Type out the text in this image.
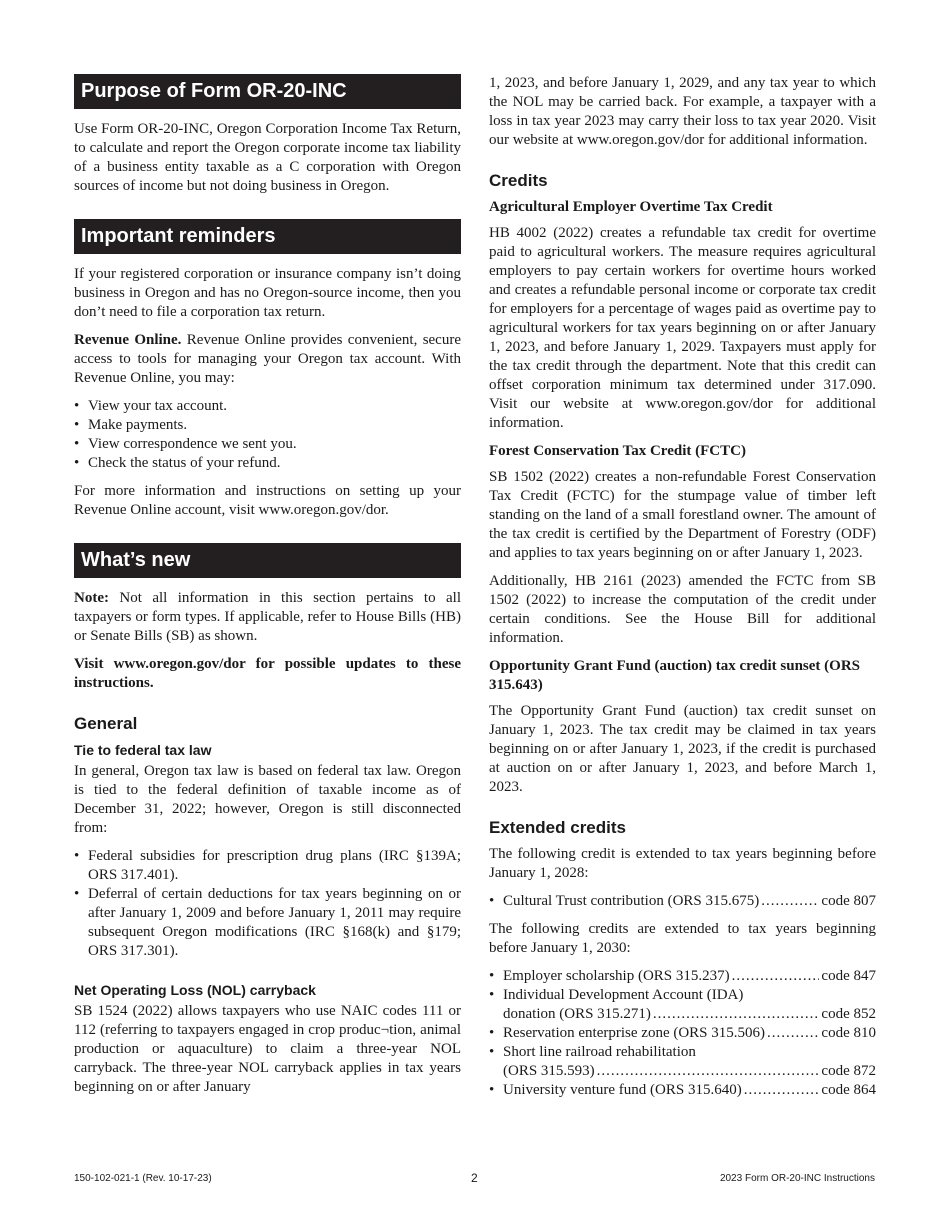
Purpose of Form OR-20-INC

Use Form OR-20-INC, Oregon Corporation Income Tax Return, to calculate and report the Oregon corporate income tax liability of a business entity taxable as a C corporation with Oregon sources of income but not doing business in Oregon.

Important reminders

If your registered corporation or insurance company isn’t doing business in Oregon and has no Oregon-source income, then you don’t need to file a corporation tax return.

Revenue Online. Revenue Online provides convenient, secure access to tools for managing your Oregon tax account. With Revenue Online, you may:

• View your tax account.
• Make payments.
• View correspondence we sent you.
• Check the status of your refund.

For more information and instructions on setting up your Revenue Online account, visit www.oregon.gov/dor.

What’s new

Note: Not all information in this section pertains to all taxpayers or form types. If applicable, refer to House Bills (HB) or Senate Bills (SB) as shown.

Visit www.oregon.gov/dor for possible updates to these instructions.

General
Tie to federal tax law

In general, Oregon tax law is based on federal tax law. Oregon is tied to the federal definition of taxable income as of December 31, 2022; however, Oregon is still disconnected from:

• Federal subsidies for prescription drug plans (IRC §139A; ORS 317.401).
• Deferral of certain deductions for tax years beginning on or after January 1, 2009 and before January 1, 2011 may require subsequent Oregon modifications (IRC §168(k) and §179; ORS 317.301).
Net Operating Loss (NOL) carryback

SB 1524 (2022) allows taxpayers who use NAIC codes 111 or 112 (referring to taxpayers engaged in crop produc¬tion, animal production or aquaculture) to claim a three-year NOL carryback. The three-year NOL carryback applies in tax years beginning on or after January

1, 2023, and before January 1, 2029, and any tax year to which the NOL may be carried back. For example, a taxpayer with a loss in tax year 2023 may carry their loss to tax year 2020. Visit our website at www.oregon.gov/dor for additional information.

Credits
Agricultural Employer Overtime Tax Credit

HB 4002 (2022) creates a refundable tax credit for overtime paid to agricultural workers. The measure requires agricultural employers to pay certain workers for overtime hours worked and creates a refundable personal income or corporate tax credit for employers for a percentage of wages paid as overtime pay to agricultural workers for tax years beginning on or after January 1, 2023, and before January 1, 2029. Taxpayers must apply for the tax credit through the department. Note that this credit can offset corporation minimum tax determined under 317.090. Visit our website at www.oregon.gov/dor for additional information.

Forest Conservation Tax Credit (FCTC)

SB 1502 (2022) creates a non-refundable Forest Conservation Tax Credit (FCTC) for the stumpage value of timber left standing on the land of a small forestland owner. The amount of the tax credit is certified by the Department of Forestry (ODF) and applies to tax years beginning on or after January 1, 2023.

Additionally, HB 2161 (2023) amended the FCTC from SB 1502 (2022) to increase the computation of the credit under certain conditions. See the House Bill for additional information.

Opportunity Grant Fund (auction) tax credit sunset (ORS 315.643)

The Opportunity Grant Fund (auction) tax credit sunset on January 1, 2023. The tax credit may be claimed in tax years beginning on or after January 1, 2023, if the credit is purchased at auction on or after January 1, 2023, and before March 1, 2023.

Extended credits

The following credit is extended to tax years beginning before January 1, 2028:

• Cultural Trust contribution (ORS 315.675) .....	code 807

The following credits are extended to tax years beginning before January 1, 2030:

• Employer scholarship (ORS 315.237) .....	code 847
• Individual Development Account (IDA)
donation (ORS 315.271) .....	code 852
• Reservation enterprise zone (ORS 315.506) .....	code 810
• Short line railroad rehabilitation
(ORS 315.593) .....	code 872
• University venture fund (ORS 315.640) .....	code 864
150-102-021-1 (Rev. 10-17-23)	2	2023 Form OR-20-INC Instructions
